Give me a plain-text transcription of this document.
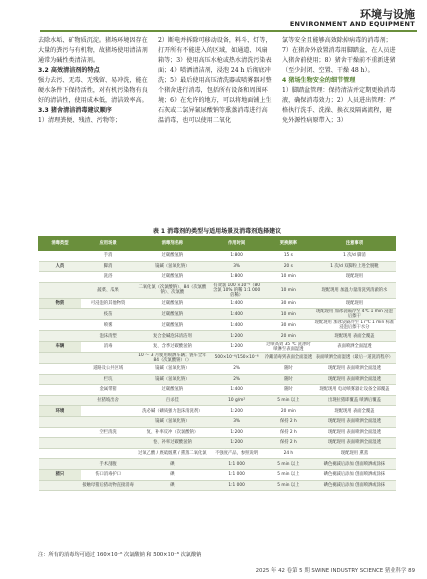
环境与设施
ENVIRONMENT AND EQUIPMENT

去除水垢、矿物质沉淀。猪场环境因存在大量的粪污与有机物，故猪场使用清洁剂通常为碱性类清洁剂。

3.2 高效清洁剂的特点

强力去污、无毒、无残留、易冲洗，能在硬水条件下保持活性，对有机污染物有良好的清洁性，使用成本低，清洁效率高。

3.3 猪舍清洁消毒建议顺序

1）清理粪便、残渣、污物等；

2）断电并拆除可移动设备，料斗、灯等，打开所有不能进入的区域，如通道、风扇箱等；3）使用高压水枪或热水清洗污染表面；4）喷洒清洁剂，浸泡 24 h 后彻底冲洗；5）最后使用高压清洗器或喷雾器对整个猪舍进行消毒，包括所有设备和周围环境；6）在允许的地方，可以将地面铺上生石灰或二氯异氰尿酸钠等熏蒸消毒进行高温消毒，也可以使用二氧化

氯等安全且能够高效除掉病毒的消毒剂；7）在猪舍外放置消毒用脚踏盆，在人员进入猪舍前使用；8）猪舍干燥前不重新进猪（至少封闭、空置、干燥 48 h）。

4 猪场生物安全的细节管理

1）脚踏盆管理：保持清洁并定期更换消毒液，确保消毒效力；2）人员进出管理：严格执行洗手、洗澡、换衣及隔离流程，避免外源性病原带入；3）

表 1 消毒剂的类型与适用场景及消毒剂选择建议
消毒类型	应用场景	消毒剂名称	作用时间	更换频率	注意事项
	手消	过碳酸氢钠	1:800	15 s	1 次/d 脚消
人员	脚消	镜碱（氢氧化钠）	3%	20 s	1 次/d 双脚粒上进全脱靴
	洗浴	过碳酸氢钠	1:800	10 min	现配现用
	蔬菜、瓜果	二氧化氯（次氯酸钠）、84（次氯酸钠）、次氯酸	有效氯 100 ×10⁻⁶（80 含氯 10% 的稀 1:1 000 倍稀）	10 min	现配现用 加温力量清洗到清澈的水
物资	可浸泡的其他物资	过碳酸氢钠	1:400	30 min	现配现用
	疫苗	过碳酸氢钠	1:400	10 min	现配现用 加冰袋隔冷至 4℃ 1 min 浸泡后擦干
	喷雾	过碳酸氢钠	1:400	30 min	现配现用 加冰袋隔冷至 17℃ 1 min 标准浸泡后擦干水分
	泡沫清塑	复合金碱泡沫清洁剂	1:200	20 min	现配现用 表面全覆盖
车辆	消毒	复、含季过碳酸氢钠	1:200	过喷高效 35 ℃ 洗涤时喷淋至表面湿透	表面喷洒全面湿透
		10 ～ 3 月使用喷洒车辆；链车全年 84（次氯酸钠）（）	500×10⁻⁶/150×10⁻⁶	冷藏消毒到表面全面湿透	表面喷洒全面湿透（最后一道洗消程序）
	道路及公共区域	镜碱（氢氧化钠）	2%	随时	现配现用 表面喷洒全面湿透
	栏坑	镜碱（氢氧化钠）	2%	随时	现配现用 表面喷洒全面湿透
	金属带猪	过碳酸氢钠	1:400	随时	现配现用 电动喷雾器让设备全部覆盖
	拉猪坡出舍	百杀佳	10 g/m²	5 min 以上	出现拉猪即覆盖 喷洒后覆盖
环境		洗必碱（磷质强力泡沫清洗剂）	1:200	20 min	现配现用 表面全覆盖
		镜碱（氢氧化钠）	3%	保持 2 h	现配现用 表面喷洒全面湿透
	空栏清洗	复、补率反冲（次氯酸钠）	1:200	保持 2 h	现配现用 表面喷洒全面湿透
		卷、补率过碳酸氢钠	1:200	保持 2 h	现配现用 表面喷洒全面湿透
		过氧乙酸 / 底硫烟熏 / 熏蒸二氧化氯	不强度产品，参照说明	24 h	现配现用 熏蒸
	手术剖腹	碘	1:1 000	5 min 以上	碘色褪减后添加 创面喷洒或涂抹
猪只	伤口消毒护口	碘	1:1 000	5 min 以上	碘色褪减后添加 创面喷洒或涂抹
	接触母猪后猪动物直接消毒	碘	1:1 000	5 min 以上	碘色褪减后添加 创面喷洒或涂抹
注：所有的消毒均可通过 160×10⁻⁶ 次氯酸钠 和 500×10⁻⁶ 次氯酸钠
2025 年 42 卷第 5 期 SWINE INDUSTRY SCIENCE 猪业科学 89
